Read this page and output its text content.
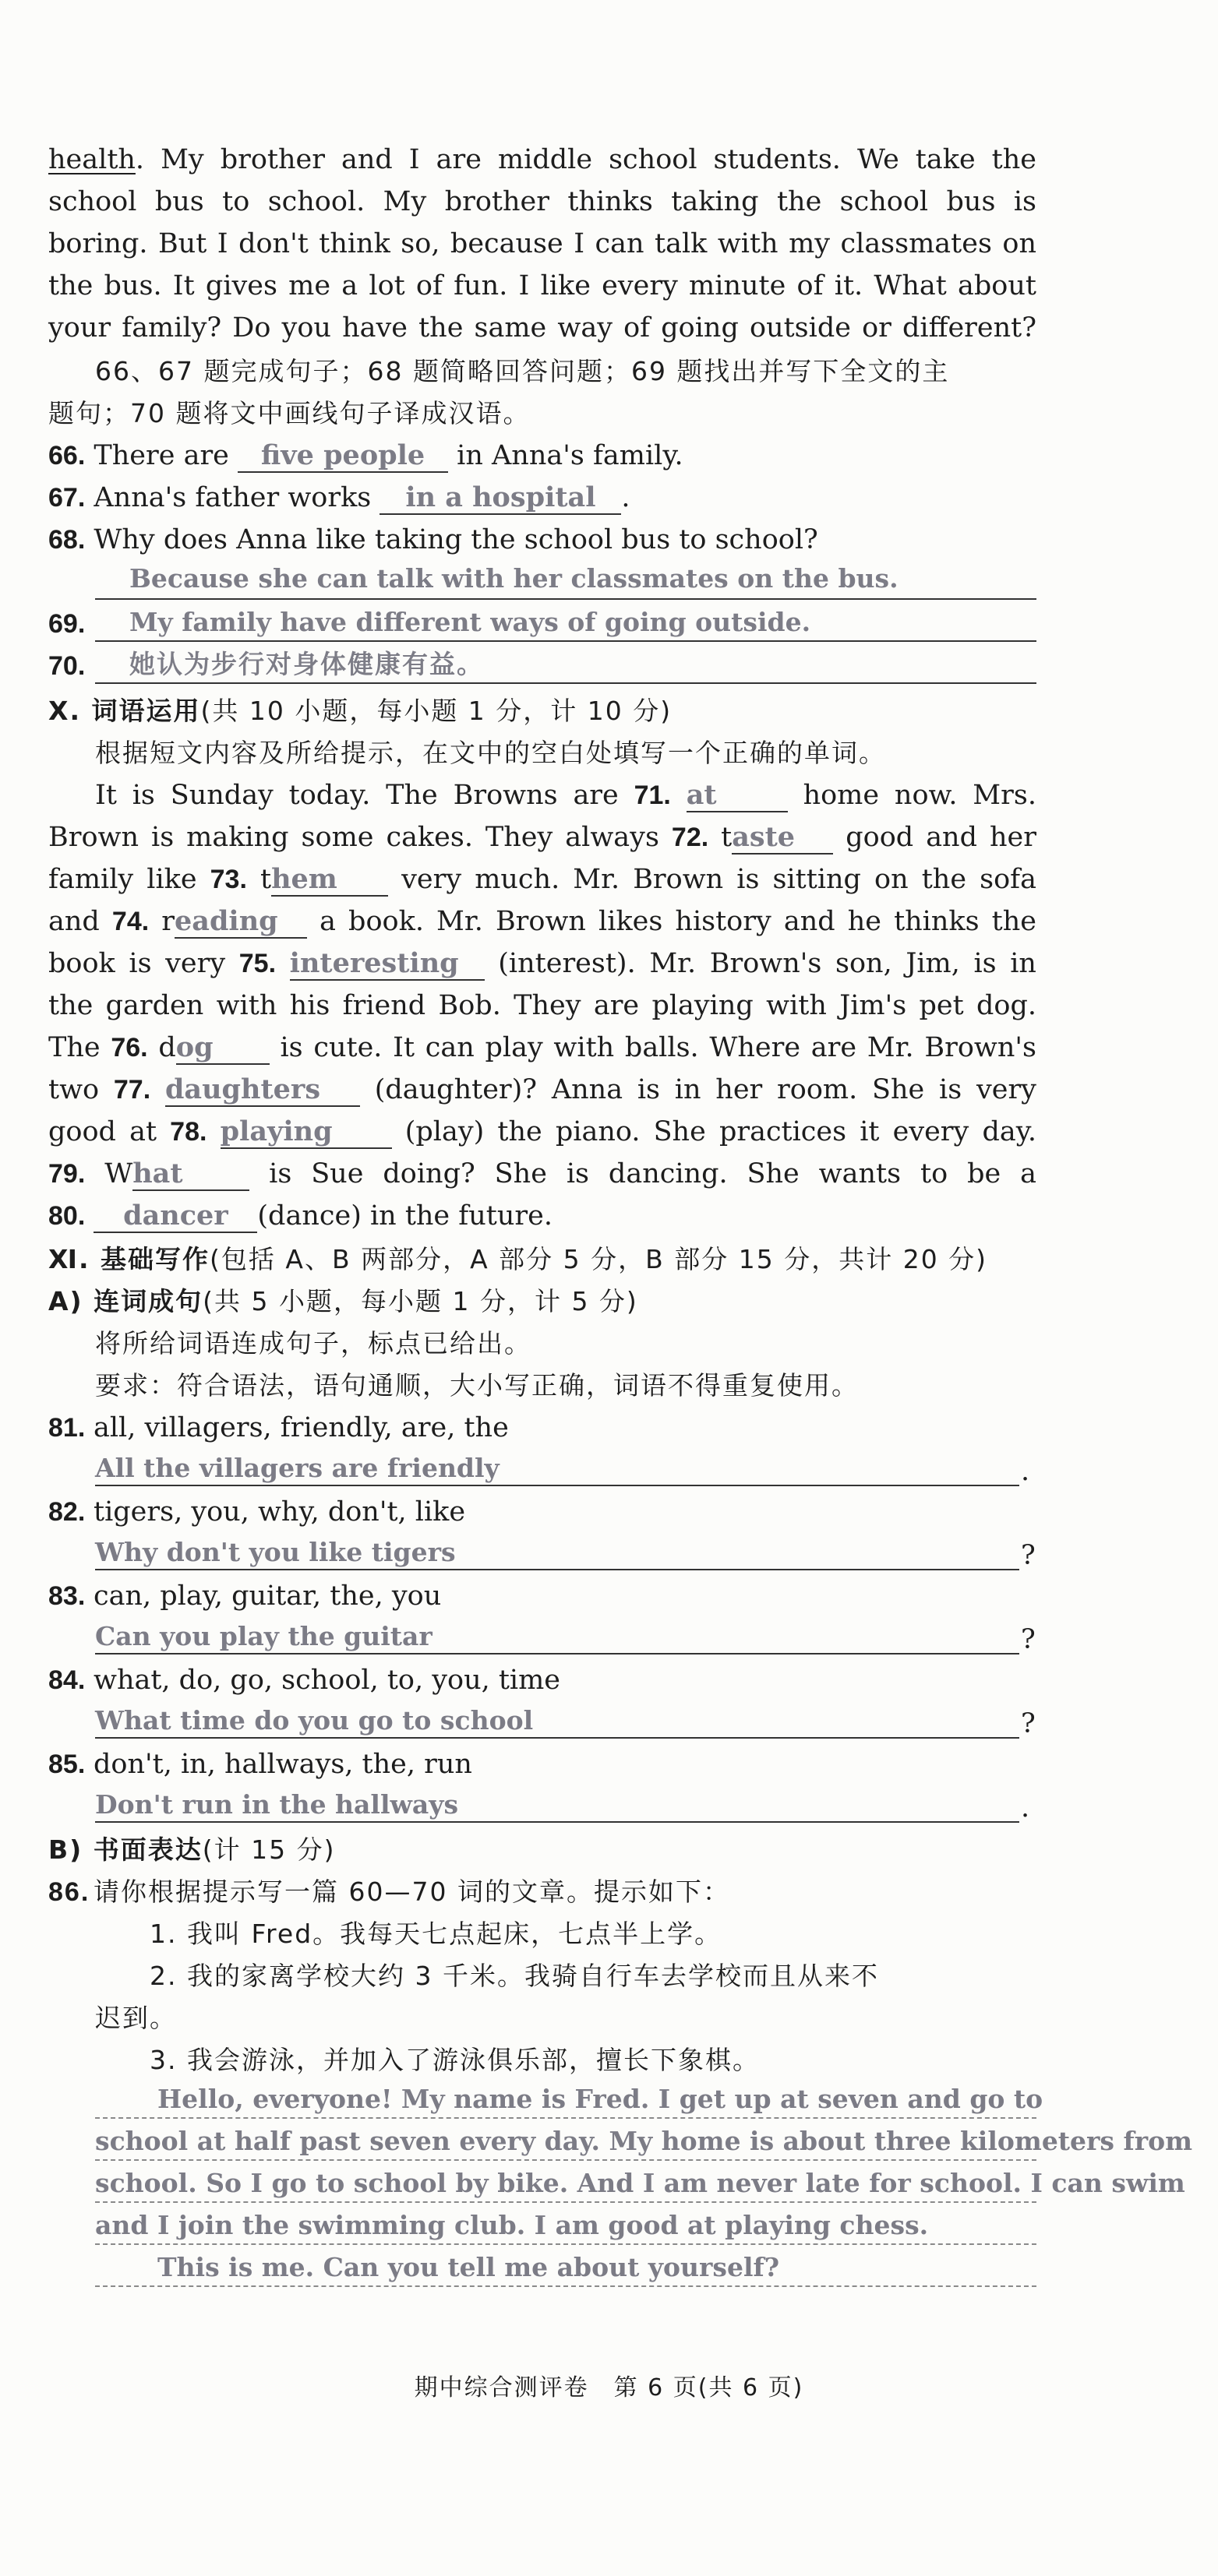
health. My brother and I are middle school students. We take the
school bus to school. My brother thinks taking the school bus is
boring. But I don't think so, because I can talk with my classmates on
the bus. It gives me a lot of fun. I like every minute of it. What about
your family? Do you have the same way of going outside or different?
66、67 题完成句子；68 题简略回答问题；69 题找出并写下全文的主
题句；70 题将文中画线句子译成汉语。
66. There are five people in Anna's family.
67. Anna's father works in a hospital .
68. Why does Anna like taking the school bus to school?
Because she can talk with her classmates on the bus.
69.	My family have different ways of going outside.
70.	她认为步行对身体健康有益。
Ⅹ. 词语运用(共 10 小题，每小题 1 分，计 10 分)
根据短文内容及所给提示，在文中的空白处填写一个正确的单词。
It is Sunday today. The Browns are 71. at	home now. Mrs.
Brown is making some cakes. They always 72. taste good and her
family like 73. them very much. Mr. Brown is sitting on the sofa
and 74. reading a book. Mr. Brown likes history and he thinks the
book is very 75. interesting (interest). Mr. Brown's son, Jim, is in
the garden with his friend Bob. They are playing with Jim's pet dog.
The 76. dog is cute. It can play with balls. Where are Mr. Brown's
two 77. daughters (daughter)? Anna is in her room. She is very
good at 78. playing	(play) the piano. She practices it every day.
79. What	is Sue doing? She is dancing. She wants to be a
80. dancer (dance) in the future.
Ⅺ. 基础写作(包括 A、B 两部分，A 部分 5 分，B 部分 15 分，共计 20 分)
A) 连词成句(共 5 小题，每小题 1 分，计 5 分)
将所给词语连成句子，标点已给出。
要求：符合语法，语句通顺，大小写正确，词语不得重复使用。
81. all, villagers, friendly, are, the
All the villagers are friendly	.
82. tigers, you, why, don't, like
Why don't you like tigers	?
83. can, play, guitar, the, you
Can you play the guitar	?
84. what, do, go, school, to, you, time
What time do you go to school	?
85. don't, in, hallways, the, run
Don't run in the hallways	.
B) 书面表达(计 15 分)
86. 请你根据提示写一篇 60—70 词的文章。提示如下：
1. 我叫 Fred。我每天七点起床，七点半上学。
2. 我的家离学校大约 3 千米。我骑自行车去学校而且从来不
迟到。
3. 我会游泳，并加入了游泳俱乐部，擅长下象棋。
Hello, everyone! My name is Fred. I get up at seven and go to
school at half past seven every day. My home is about three kilometers from
school. So I go to school by bike. And I am never late for school. I can swim
and I join the swimming club. I am good at playing chess.
This is me. Can you tell me about yourself?
期中综合测评卷　第 6 页(共 6 页)
